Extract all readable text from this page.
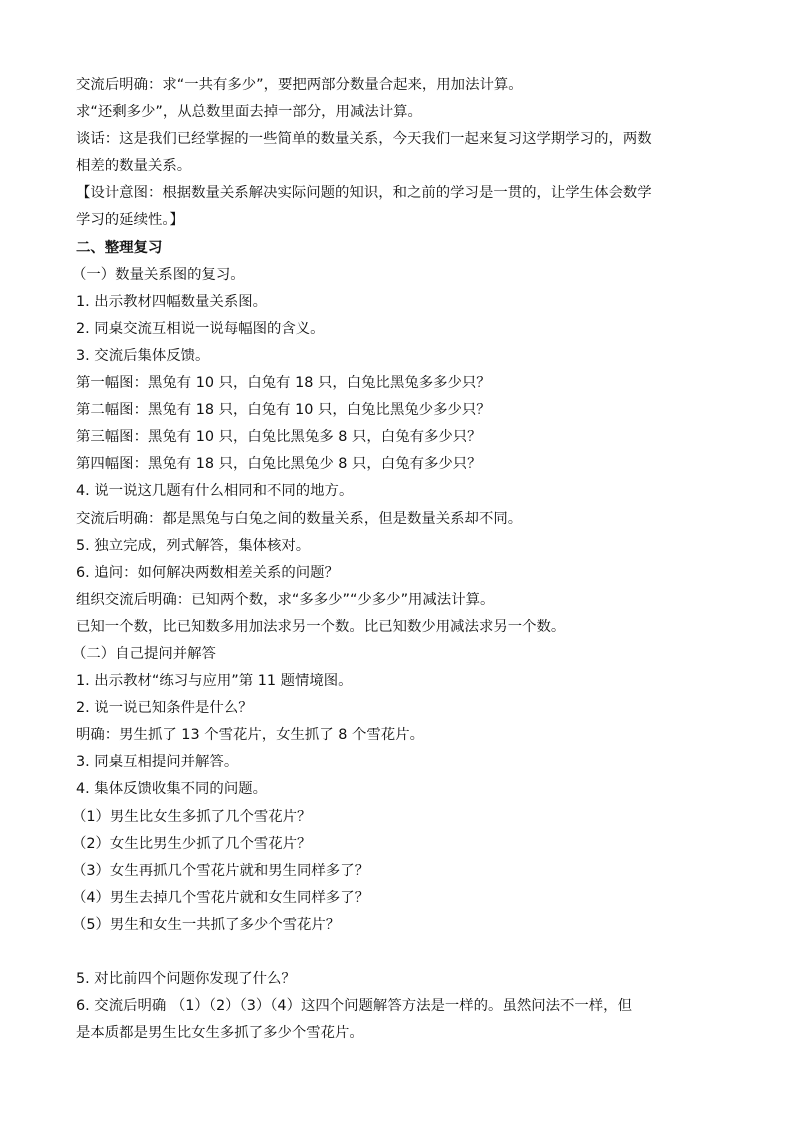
交流后明确：求“一共有多少”，要把两部分数量合起来，用加法计算。
求“还剩多少”，从总数里面去掉一部分，用减法计算。
谈话：这是我们已经掌握的一些简单的数量关系，今天我们一起来复习这学期学习的，两数
相差的数量关系。
【设计意图：根据数量关系解决实际问题的知识，和之前的学习是一贯的，让学生体会数学
学习的延续性。】
二、整理复习
（一）数量关系图的复习。
1. 出示教材四幅数量关系图。
2. 同桌交流互相说一说每幅图的含义。
3. 交流后集体反馈。
第一幅图：黑兔有 10 只，白兔有 18 只，白兔比黑兔多多少只？
第二幅图：黑兔有 18 只，白兔有 10 只，白兔比黑兔少多少只？
第三幅图：黑兔有 10 只，白兔比黑兔多 8 只，白兔有多少只？
第四幅图：黑兔有 18 只，白兔比黑兔少 8 只，白兔有多少只？
4. 说一说这几题有什么相同和不同的地方。
交流后明确：都是黑兔与白兔之间的数量关系，但是数量关系却不同。
5. 独立完成，列式解答，集体核对。
6. 追问：如何解决两数相差关系的问题？
组织交流后明确：已知两个数，求“多多少”“少多少”用减法计算。
已知一个数，比已知数多用加法求另一个数。比已知数少用减法求另一个数。
（二）自己提问并解答
1. 出示教材“练习与应用”第 11 题情境图。
2. 说一说已知条件是什么？
明确：男生抓了 13 个雪花片，女生抓了 8 个雪花片。
3. 同桌互相提问并解答。
4. 集体反馈收集不同的问题。
（1）男生比女生多抓了几个雪花片？
（2）女生比男生少抓了几个雪花片？
（3）女生再抓几个雪花片就和男生同样多了？
（4）男生去掉几个雪花片就和女生同样多了？
（5）男生和女生一共抓了多少个雪花片？
5. 对比前四个问题你发现了什么？
6. 交流后明确 （1）（2）（3）（4）这四个问题解答方法是一样的。虽然问法不一样，但
是本质都是男生比女生多抓了多少个雪花片。
